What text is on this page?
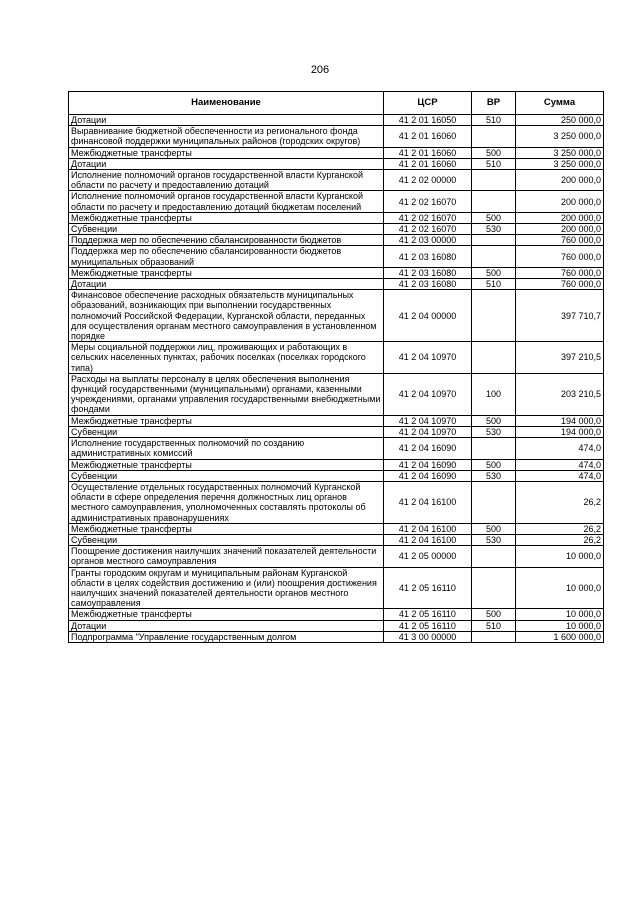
206
Наименование	ЦСР	ВР	Сумма
Дотации	41 2 01 16050	510	250 000,0
Выравнивание бюджетной обеспеченности из регионального фонда финансовой поддержки муниципальных районов (городских округов)	41 2 01 16060		3 250 000,0
Межбюджетные трансферты	41 2 01 16060	500	3 250 000,0
Дотации	41 2 01 16060	510	3 250 000,0
Исполнение полномочий органов государственной власти Курганской области по расчету и предоставлению дотаций	41 2 02 00000		200 000,0
Исполнение полномочий органов государственной власти Курганской области по расчету и предоставлению дотаций бюджетам поселений	41 2 02 16070		200 000,0
Межбюджетные трансферты	41 2 02 16070	500	200 000,0
Субвенции	41 2 02 16070	530	200 000,0
Поддержка мер по обеспечению сбалансированности бюджетов	41 2 03 00000		760 000,0
Поддержка мер по обеспечению сбалансированности бюджетов муниципальных образований	41 2 03 16080		760 000,0
Межбюджетные трансферты	41 2 03 16080	500	760 000,0
Дотации	41 2 03 16080	510	760 000,0
Финансовое обеспечение расходных обязательств муниципальных образований, возникающих при выполнении государственных полномочий Российской Федерации, Курганской области, переданных для осуществления органам местного самоуправления в установленном порядке	41 2 04 00000		397 710,7
Меры социальной поддержки лиц, проживающих и работающих в сельских населенных пунктах, рабочих поселках (поселках городского типа)	41 2 04 10970		397 210,5
Расходы на выплаты персоналу в целях обеспечения выполнения функций государственными (муниципальными) органами, казенными учреждениями, органами управления государственными внебюджетными фондами	41 2 04 10970	100	203 210,5
Межбюджетные трансферты	41 2 04 10970	500	194 000,0
Субвенции	41 2 04 10970	530	194 000,0
Исполнение государственных полномочий по созданию административных комиссий	41 2 04 16090		474,0
Межбюджетные трансферты	41 2 04 16090	500	474,0
Субвенции	41 2 04 16090	530	474,0
Осуществление отдельных государственных полномочий Курганской области в сфере определения перечня должностных лиц органов местного самоуправления, уполномоченных составлять протоколы об административных правонарушениях	41 2 04 16100		26,2
Межбюджетные трансферты	41 2 04 16100	500	26,2
Субвенции	41 2 04 16100	530	26,2
Поощрение достижения наилучших значений показателей деятельности органов местного самоуправления	41 2 05 00000		10 000,0
Гранты городским округам и муниципальным районам Курганской области в целях содействия достижению и (или) поощрения достижения наилучших значений показателей деятельности органов местного самоуправления	41 2 05 16110		10 000,0
Межбюджетные трансферты	41 2 05 16110	500	10 000,0
Дотации	41 2 05 16110	510	10 000,0
Подпрограмма "Управление государственным долгом	41 3 00 00000		1 600 000,0
